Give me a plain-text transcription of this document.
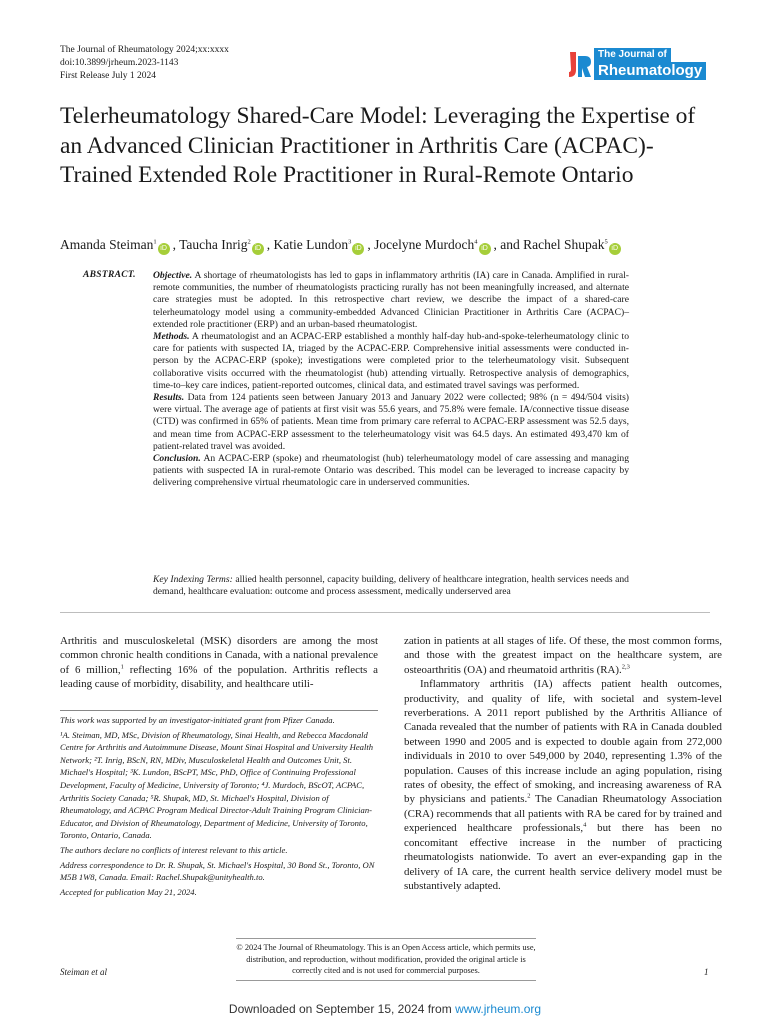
The Journal of Rheumatology 2024;xx:xxxx
doi:10.3899/jrheum.2023-1143
First Release July 1 2024
The Journal of
Rheumatology
Telerheumatology Shared-Care Model: Leveraging the Expertise of an Advanced Clinician Practitioner in Arthritis Care (ACPAC)-Trained Extended Role Practitioner in Rural-Remote Ontario
Amanda Steiman$^1$iD , Taucha Inrig$^2$iD , Katie Lundon$^3$iD , Jocelyne Murdoch$^4$iD , and Rachel Shupak$^5$iD
ABSTRACT. Objective. A shortage of rheumatologists has led to gaps in inflammatory arthritis (IA) care in Canada. Amplified in rural-remote communities, the number of rheumatologists practicing rurally has not been meaningfully increased, and alternate care strategies must be adopted. In this retrospective chart review, we describe the impact of a shared-care telerheumatology model using a community-embedded Advanced Clinician Practitioner in Arthritis Care (ACPAC)–extended role practitioner (ERP) and an urban-based rheumatologist.

Methods. A rheumatologist and an ACPAC-ERP established a monthly half-day hub-and-spoke-telerheumatology clinic to care for patients with suspected IA, triaged by the ACPAC-ERP. Comprehensive initial assessments were conducted in-person by the ACPAC-ERP (spoke); investigations were completed prior to the telerheumatology visit. Subsequent collaborative visits occurred with the rheumatologist (hub) attending virtually. Retrospective analysis of demographics, time-to–key care indices, patient-reported outcomes, clinical data, and estimated travel savings was performed.

Results. Data from 124 patients seen between January 2013 and January 2022 were collected; 98% (n = 494/504 visits) were virtual. The average age of patients at first visit was 55.6 years, and 75.8% were female. IA/connective tissue disease (CTD) was confirmed in 65% of patients. Mean time from primary care referral to ACPAC-ERP assessment was 52.5 days, and mean time from ACPAC-ERP assessment to the telerheumatology visit was 64.5 days. An estimated 493,470 km of patient-related travel was avoided.

Conclusion. An ACPAC-ERP (spoke) and rheumatologist (hub) telerheumatology model of care assessing and managing patients with suspected IA in rural-remote Ontario was described. This model can be leveraged to increase capacity by delivering comprehensive virtual rheumatologic care in underserved communities.

Key Indexing Terms: allied health personnel, capacity building, delivery of healthcare integration, health services needs and demand, healthcare evaluation: outcome and process assessment, medically underserved area
Arthritis and musculoskeletal (MSK) disorders are among the most common chronic health conditions in Canada, with a national prevalence of 6 million,$^1$ reflecting 16% of the population. Arthritis reflects a leading cause of morbidity, disability, and healthcare utili-

This work was supported by an investigator-initiated grant from Pfizer Canada.

¹A. Steiman, MD, MSc, Division of Rheumatology, Sinai Health, and Rebecca Macdonald Centre for Arthritis and Autoimmune Disease, Mount Sinai Hospital and University Health Network; ²T. Inrig, BScN, RN, MDiv, Musculoskeletal Health and Outcomes Unit, St. Michael's Hospital; ³K. Lundon, BScPT, MSc, PhD, Office of Continuing Professional Development, Faculty of Medicine, University of Toronto; ⁴J. Murdoch, BScOT, ACPAC, Arthritis Society Canada; ⁵R. Shupak, MD, St. Michael's Hospital, Division of Rheumatology, and ACPAC Program Medical Director-Adult Training Program Clinician-Educator, and Division of Rheumatology, Department of Medicine, University of Toronto, Toronto, Ontario, Canada.

The authors declare no conflicts of interest relevant to this article.

Address correspondence to Dr. R. Shupak, St. Michael's Hospital, 30 Bond St., Toronto, ON M5B 1W8, Canada. Email: Rachel.Shupak@unityhealth.to.

Accepted for publication May 21, 2024.

zation in patients at all stages of life. Of these, the most common forms, and those with the greatest impact on the healthcare system, are osteoarthritis (OA) and rheumatoid arthritis (RA).$^{2,3}$

Inflammatory arthritis (IA) affects patient health outcomes, productivity, and quality of life, with societal and system-level reverberations. A 2011 report published by the Arthritis Alliance of Canada revealed that the number of patients with RA in Canada doubled between 1990 and 2005 and is expected to double again from 272,000 individuals in 2010 to over 549,000 by 2040, representing 1.3% of the population. Causes of this increase include an aging population, rising rates of obesity, the effect of smoking, and increasing awareness of RA by physicians and patients.$^2$ The Canadian Rheumatology Association (CRA) recommends that all patients with RA be cared for by trained and experienced healthcare professionals,$^4$ but there has been no concomitant effective increase in the number of practicing rheumatologists nationwide. To avert an ever-expanding gap in the delivery of IA care, the current health service delivery model must be substantively adapted.

© 2024 The Journal of Rheumatology. This is an Open Access article, which permits use, distribution, and reproduction, without modification, provided the original article is correctly cited and is not used for commercial purposes.
Steiman et al	1
Downloaded on September 15, 2024 from www.jrheum.org
